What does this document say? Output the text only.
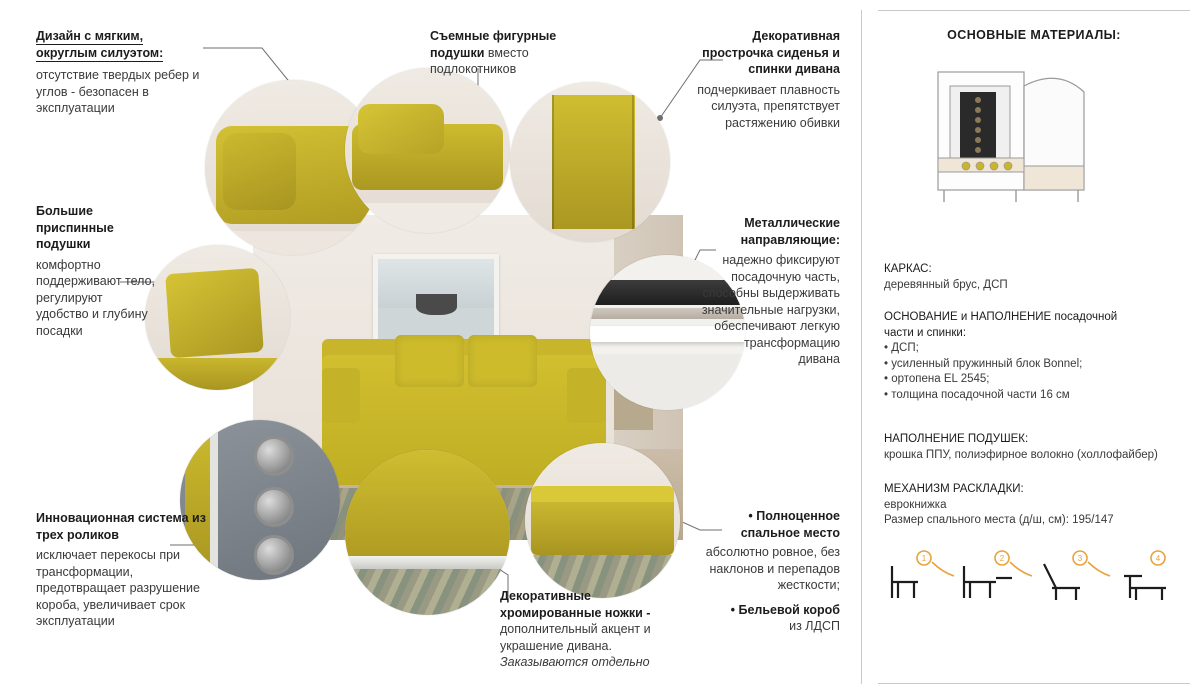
Дизайн с мягким, округлым силуэтом:
отсутствие твердых ребер и углов - безопасен в эксплуатации
Съемные фигурные подушки вместо подлокотников
Декоративная прострочка сиденья и спинки дивана
подчеркивает плавность силуэта, препятствует растяжению обивки
Большие приспинные подушки
комфортно поддерживают тело, регулируют удобство и глубину посадки
Металлические направляющие:
надежно фиксируют посадочную часть, способны выдерживать значительные нагрузки, обеспечивают легкую трансформацию дивана
Инновационная система из трех роликов
исключает перекосы при трансформации, предотвращает разрушение короба, увеличивает срок эксплуатации
Декоративные хромированные ножки -
дополнительный акцент и украшение дивана.
Заказываются отдельно
• Полноценное спальное место
абсолютно ровное, без наклонов и перепадов жесткости;
• Бельевой короб
из ЛДСП
ОСНОВНЫЕ МАТЕРИАЛЫ:
КАРКАС:
деревянный брус, ДСП
ОСНОВАНИЕ и НАПОЛНЕНИЕ посадочной
части и спинки:
• ДСП;
• усиленный пружинный блок Bonnel;
• ортопена EL 2545;
• толщина посадочной части 16 см
НАПОЛНЕНИЕ ПОДУШЕК:
крошка ППУ, полиэфирное волокно (холлофайбер)
МЕХАНИЗМ РАСКЛАДКИ:
еврокнижка
Размер спального места (д/ш, см): 195/147
1	2	3	4
